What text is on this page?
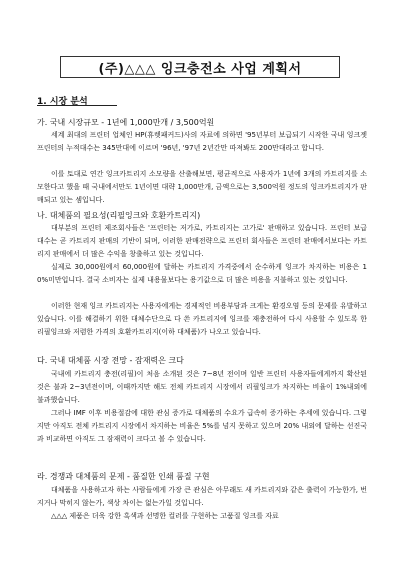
(주)△△△ 잉크충전소 사업 계획서
1. 시장 분석
가. 국내 시장규모 - 1년에 1,000만개 / 3,500억원
세계 최대의 프린터 업체인 HP(휴렛패커드)사의 자료에 의하면 '95년부터 보급되기 시작한 국내 잉크젯 프린터의 누적대수는 345만대에 이르며 '96년, '97년 2년간만 따져봐도 200만대라고 합니다.
이를 토대로 연간 잉크카트리지 소모량을 산출해보면, 평균적으로 사용자가 1년에 3개의 카트리지를 소모한다고 했을 때 국내에서만도 1년이면 대략 1,000만개, 금액으로는 3,500억원 정도의 잉크카트리지가 판매되고 있는 셈입니다.
나. 대체품의 필요성(리필잉크와 호환카트리지)
대부분의 프린터 제조회사들은 '프린터는 저가로, 카트리지는 고가로' 판매하고 있습니다. 프린터 보급 대수는 곧 카트리지 판매의 기반이 되며, 이러한 판매전략으로 프린터 회사들은 프린터 판매에서보다는 카트리지 판매에서 더 많은 수익을 창출하고 있는 것입니다.
실제로 30,000원에서 60,000원에 달하는 카트리지 가격중에서 순수하게 잉크가 차지하는 비용은 10%미만입니다. 결국 소비자는 실제 내용물보다는 용기값으로 더 많은 비용을 지불하고 있는 것입니다.
이러한 현재 잉크 카트리지는 사용자에게는 경제적인 비용부담과 크게는 환경오염 등의 문제를 유발하고 있습니다. 이를 해결하기 위한 대체수단으로 다 쓴 카트리지에 잉크를 재충전하여 다시 사용할 수 있도록 한 리필잉크와 저렴한 가격의 호환카트리지(이하 대체품)가 나오고 있습니다.
다. 국내 대체품 시장 전망 - 잠재력은 크다
국내에 카트리지 충전(리필)이 처음 소개된 것은 7~8년 전이며 일반 프린터 사용자들에게까지 확산된 것은 불과 2~3년전이며, 이때까지만 해도 전체 카트리지 시장에서 리필잉크가 차지하는 비율이 1%내외에 불과했습니다.
그러나 IMF 이후 비용절감에 대한 관심 증가로 대체품의 수요가 급속히 증가하는 추세에 있습니다. 그렇지만 아직도 전체 카트리지 시장에서 차지하는 비율은 5%를 넘지 못하고 있으며 20% 내외에 달하는 선진국과 비교하면 아직도 그 잠재력이 크다고 볼 수 있습니다.
라. 경쟁과 대체품의 문제 - 품질한 인쇄 품질 구현
대체품을 사용하고자 하는 사람들에게 가장 큰 관심은 아무래도 새 카트리지와 같은 출력이 가능한가, 번지거나 막히지 않는가, 색상 차이는 없는가일 것입니다.
△△△ 제품은 더욱 강한 흑색과 선명한 컬러를 구현하는 고품질 잉크를 자료
